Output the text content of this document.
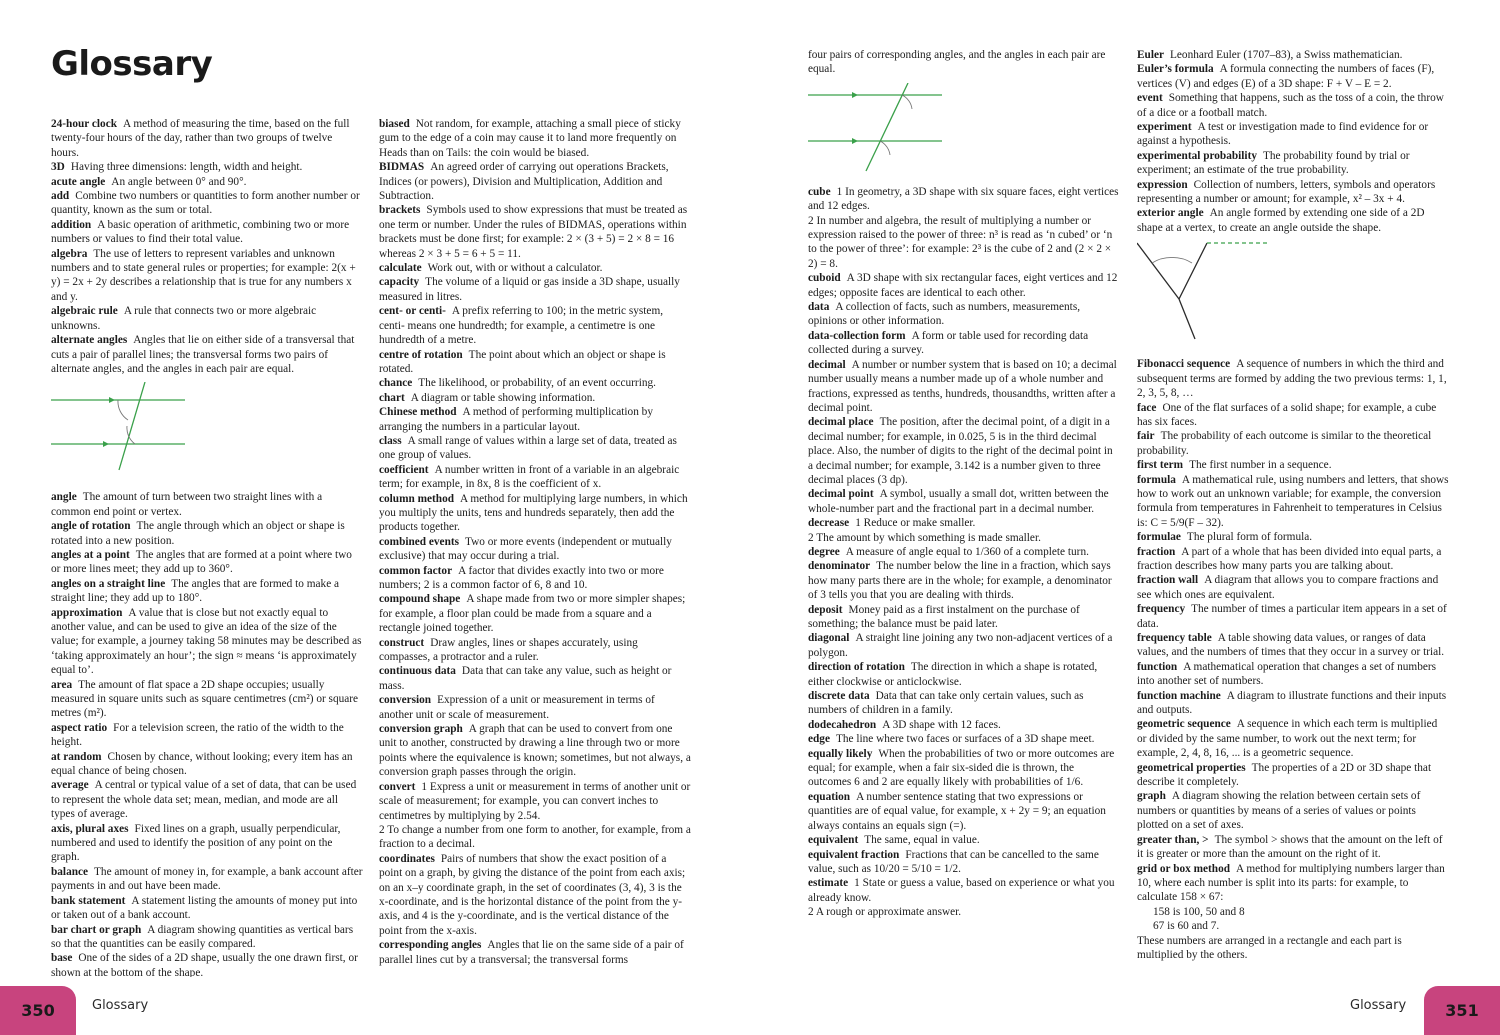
Glossary

24-hour clock A method of measuring the time, based on the full twenty-four hours of the day, rather than two groups of twelve hours.

3D Having three dimensions: length, width and height.

acute angle An angle between 0° and 90°.

add Combine two numbers or quantities to form another number or quantity, known as the sum or total.

addition A basic operation of arithmetic, combining two or more numbers or values to find their total value.

algebra The use of letters to represent variables and unknown numbers and to state general rules or properties; for example: 2(x + y) = 2x + 2y describes a relationship that is true for any numbers x and y.

algebraic rule A rule that connects two or more algebraic unknowns.

alternate angles Angles that lie on either side of a transversal that cuts a pair of parallel lines; the transversal forms two pairs of alternate angles, and the angles in each pair are equal.

angle The amount of turn between two straight lines with a common end point or vertex.

angle of rotation The angle through which an object or shape is rotated into a new position.

angles at a point The angles that are formed at a point where two or more lines meet; they add up to 360°.

angles on a straight line The angles that are formed to make a straight line; they add up to 180°.

approximation A value that is close but not exactly equal to another value, and can be used to give an idea of the size of the value; for example, a journey taking 58 minutes may be described as ‘taking approximately an hour’; the sign ≈ means ‘is approximately equal to’.

area The amount of flat space a 2D shape occupies; usually measured in square units such as square centimetres (cm²) or square metres (m²).

aspect ratio For a television screen, the ratio of the width to the height.

at random Chosen by chance, without looking; every item has an equal chance of being chosen.

average A central or typical value of a set of data, that can be used to represent the whole data set; mean, median, and mode are all types of average.

axis, plural axes Fixed lines on a graph, usually perpendicular, numbered and used to identify the position of any point on the graph.

balance The amount of money in, for example, a bank account after payments in and out have been made.

bank statement A statement listing the amounts of money put into or taken out of a bank account.

bar chart or graph A diagram showing quantities as vertical bars so that the quantities can be easily compared.

base One of the sides of a 2D shape, usually the one drawn first, or shown at the bottom of the shape.

biased Not random, for example, attaching a small piece of sticky gum to the edge of a coin may cause it to land more frequently on Heads than on Tails: the coin would be biased.

BIDMAS An agreed order of carrying out operations Brackets, Indices (or powers), Division and Multiplication, Addition and Subtraction.

brackets Symbols used to show expressions that must be treated as one term or number. Under the rules of BIDMAS, operations within brackets must be done first; for example: 2 × (3 + 5) = 2 × 8 = 16 whereas 2 × 3 + 5 = 6 + 5 = 11.

calculate Work out, with or without a calculator.

capacity The volume of a liquid or gas inside a 3D shape, usually measured in litres.

cent- or centi- A prefix referring to 100; in the metric system, centi- means one hundredth; for example, a centimetre is one hundredth of a metre.

centre of rotation The point about which an object or shape is rotated.

chance The likelihood, or probability, of an event occurring.

chart A diagram or table showing information.

Chinese method A method of performing multiplication by arranging the numbers in a particular layout.

class A small range of values within a large set of data, treated as one group of values.

coefficient A number written in front of a variable in an algebraic term; for example, in 8x, 8 is the coefficient of x.

column method A method for multiplying large numbers, in which you multiply the units, tens and hundreds separately, then add the products together.

combined events Two or more events (independent or mutually exclusive) that may occur during a trial.

common factor A factor that divides exactly into two or more numbers; 2 is a common factor of 6, 8 and 10.

compound shape A shape made from two or more simpler shapes; for example, a floor plan could be made from a square and a rectangle joined together.

construct Draw angles, lines or shapes accurately, using compasses, a protractor and a ruler.

continuous data Data that can take any value, such as height or mass.

conversion Expression of a unit or measurement in terms of another unit or scale of measurement.

conversion graph A graph that can be used to convert from one unit to another, constructed by drawing a line through two or more points where the equivalence is known; sometimes, but not always, a conversion graph passes through the origin.

convert 1 Express a unit or measurement in terms of another unit or scale of measurement; for example, you can convert inches to centimetres by multiplying by 2.54.

2 To change a number from one form to another, for example, from a fraction to a decimal.

coordinates Pairs of numbers that show the exact position of a point on a graph, by giving the distance of the point from each axis; on an x–y coordinate graph, in the set of coordinates (3, 4), 3 is the x-coordinate, and is the horizontal distance of the point from the y-axis, and 4 is the y-coordinate, and is the vertical distance of the point from the x-axis.

corresponding angles Angles that lie on the same side of a pair of parallel lines cut by a transversal; the transversal forms

four pairs of corresponding angles, and the angles in each pair are equal.

cube 1 In geometry, a 3D shape with six square faces, eight vertices and 12 edges.

2 In number and algebra, the result of multiplying a number or expression raised to the power of three: n³ is read as ‘n cubed’ or ‘n to the power of three’: for example: 2³ is the cube of 2 and (2 × 2 × 2) = 8.

cuboid A 3D shape with six rectangular faces, eight vertices and 12 edges; opposite faces are identical to each other.

data A collection of facts, such as numbers, measurements, opinions or other information.

data-collection form A form or table used for recording data collected during a survey.

decimal A number or number system that is based on 10; a decimal number usually means a number made up of a whole number and fractions, expressed as tenths, hundreds, thousandths, written after a decimal point.

decimal place The position, after the decimal point, of a digit in a decimal number; for example, in 0.025, 5 is in the third decimal place. Also, the number of digits to the right of the decimal point in a decimal number; for example, 3.142 is a number given to three decimal places (3 dp).

decimal point A symbol, usually a small dot, written between the whole-number part and the fractional part in a decimal number.

decrease 1 Reduce or make smaller.

2 The amount by which something is made smaller.

degree A measure of angle equal to 1/360 of a complete turn.

denominator The number below the line in a fraction, which says how many parts there are in the whole; for example, a denominator of 3 tells you that you are dealing with thirds.

deposit Money paid as a first instalment on the purchase of something; the balance must be paid later.

diagonal A straight line joining any two non-adjacent vertices of a polygon.

direction of rotation The direction in which a shape is rotated, either clockwise or anticlockwise.

discrete data Data that can take only certain values, such as numbers of children in a family.

dodecahedron A 3D shape with 12 faces.

edge The line where two faces or surfaces of a 3D shape meet.

equally likely When the probabilities of two or more outcomes are equal; for example, when a fair six-sided die is thrown, the outcomes 6 and 2 are equally likely with probabilities of 1/6.

equation A number sentence stating that two expressions or quantities are of equal value, for example, x + 2y = 9; an equation always contains an equals sign (=).

equivalent The same, equal in value.

equivalent fraction Fractions that can be cancelled to the same value, such as 10/20 = 5/10 = 1/2.

estimate 1 State or guess a value, based on experience or what you already know.

2 A rough or approximate answer.

Euler Leonhard Euler (1707–83), a Swiss mathematician.

Euler’s formula A formula connecting the numbers of faces (F), vertices (V) and edges (E) of a 3D shape: F + V – E = 2.

event Something that happens, such as the toss of a coin, the throw of a dice or a football match.

experiment A test or investigation made to find evidence for or against a hypothesis.

experimental probability The probability found by trial or experiment; an estimate of the true probability.

expression Collection of numbers, letters, symbols and operators representing a number or amount; for example, x² – 3x + 4.

exterior angle An angle formed by extending one side of a 2D shape at a vertex, to create an angle outside the shape.

Fibonacci sequence A sequence of numbers in which the third and subsequent terms are formed by adding the two previous terms: 1, 1, 2, 3, 5, 8, …

face One of the flat surfaces of a solid shape; for example, a cube has six faces.

fair The probability of each outcome is similar to the theoretical probability.

first term The first number in a sequence.

formula A mathematical rule, using numbers and letters, that shows how to work out an unknown variable; for example, the conversion formula from temperatures in Fahrenheit to temperatures in Celsius is: C = 5/9(F – 32).

formulae The plural form of formula.

fraction A part of a whole that has been divided into equal parts, a fraction describes how many parts you are talking about.

fraction wall A diagram that allows you to compare fractions and see which ones are equivalent.

frequency The number of times a particular item appears in a set of data.

frequency table A table showing data values, or ranges of data values, and the numbers of times that they occur in a survey or trial.

function A mathematical operation that changes a set of numbers into another set of numbers.

function machine A diagram to illustrate functions and their inputs and outputs.

geometric sequence A sequence in which each term is multiplied or divided by the same number, to work out the next term; for example, 2, 4, 8, 16, ... is a geometric sequence.

geometrical properties The properties of a 2D or 3D shape that describe it completely.

graph A diagram showing the relation between certain sets of numbers or quantities by means of a series of values or points plotted on a set of axes.

greater than, > The symbol > shows that the amount on the left of it is greater or more than the amount on the right of it.

grid or box method A method for multiplying numbers larger than 10, where each number is split into its parts: for example, to calculate 158 × 67:

158 is 100, 50 and 8

67 is 60 and 7.

These numbers are arranged in a rectangle and each part is multiplied by the others.

350	Glossary	Glossary	351
